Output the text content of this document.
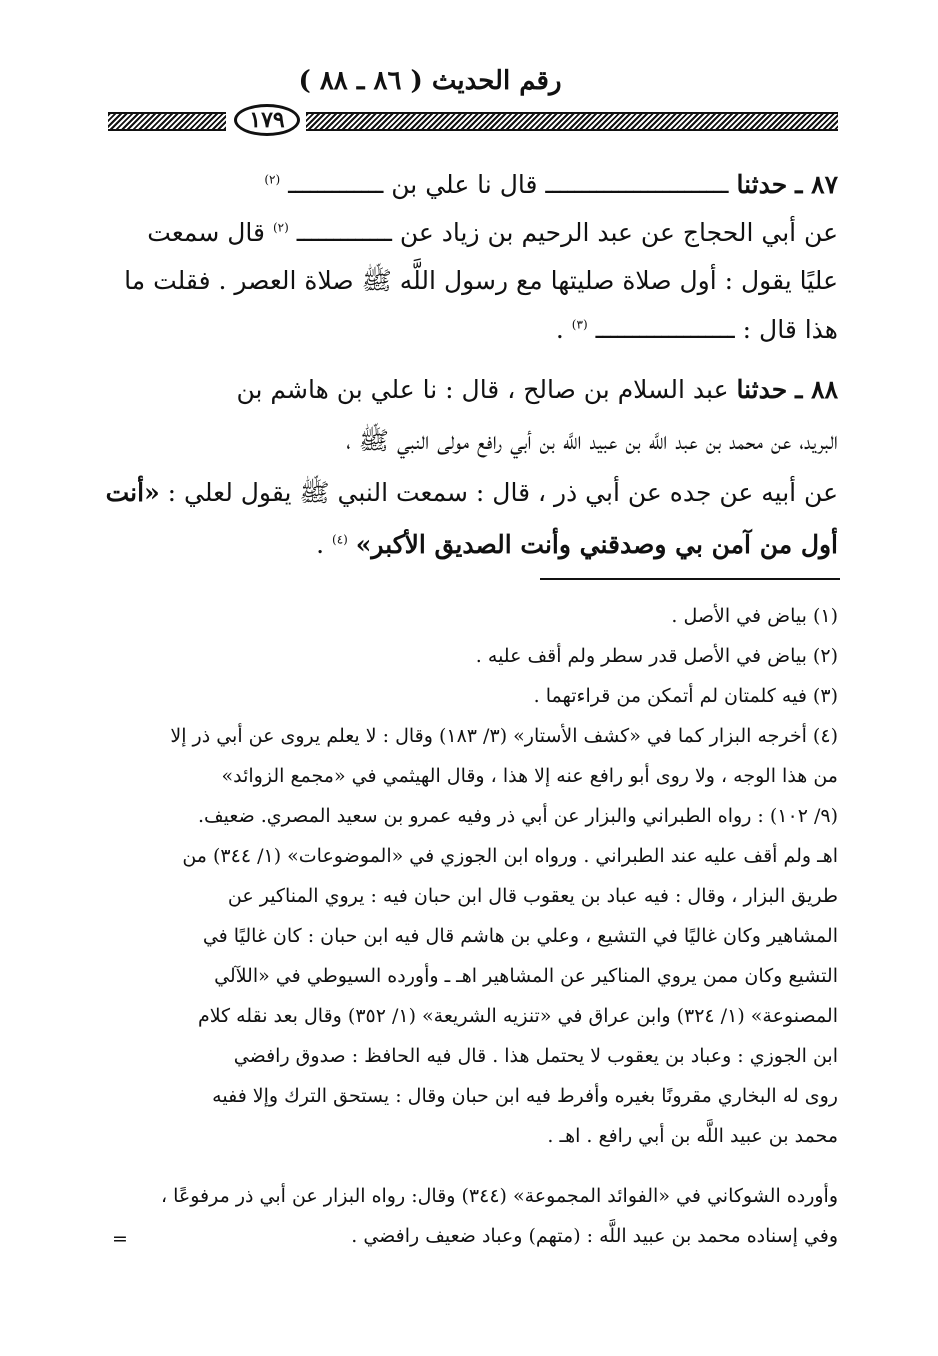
رقم الحديث ( ٨٦ ـ ٨٨ )
١٧٩
٨٧ ـ حدثنا ـــــــــــــــــــــــــ قال نا علي بن ـــــــــــــ $^{(٢)}$
عن أبي الحجاج عن عبد الرحيم بن زياد عن ـــــــــــــ $^{(٢)}$ قال سمعت
عليًا يقول : أول صلاة صليتها مع رسول اللَّه ﷺ صلاة العصر . فقلت ما
هذا قال : ـــــــــــــــــــ $^{(٣)}$ .
٨٨ ـ حدثنا عبد السلام بن صالح ، قال : نا علي بن هاشم بن
البريد، عن محمد بن عبد اللَّه بن عبيد اللَّه بن أبي رافع مولى النبي ﷺ ،
عن أبيه عن جده عن أبي ذر ، قال : سمعت النبي ﷺ يقول لعلي : «أنت
أول من آمن بي وصدقني وأنت الصديق الأكبر» $^{(٤)}$ .
(١) بياض في الأصل .
(٢) بياض في الأصل قدر سطر ولم أقف عليه .
(٣) فيه كلمتان لم أتمكن من قراءتهما .
(٤) أخرجه البزار كما في «كشف الأستار» (٣/ ١٨٣) وقال : لا يعلم يروى عن أبي ذر إلا
من هذا الوجه ، ولا روى أبو رافع عنه إلا هذا ، وقال الهيثمي في «مجمع الزوائد»
(٩/ ١٠٢) : رواه الطبراني والبزار عن أبي ذر وفيه عمرو بن سعيد المصري. ضعيف.
اهـ ولم أقف عليه عند الطبراني . ورواه ابن الجوزي في «الموضوعات» (١/ ٣٤٤) من
طريق البزار ، وقال : فيه عباد بن يعقوب قال ابن حبان فيه : يروي المناكير عن
المشاهير وكان غاليًا في التشيع ، وعلي بن هاشم قال فيه ابن حبان : كان غاليًا في
التشيع وكان ممن يروي المناكير عن المشاهير اهـ ـ وأورده السيوطي في «اللآلي
المصنوعة» (١/ ٣٢٤) وابن عراق في «تنزيه الشريعة» (١/ ٣٥٢) وقال بعد نقله كلام
ابن الجوزي : وعباد بن يعقوب لا يحتمل هذا . قال فيه الحافظ : صدوق رافضي
روى له البخاري مقرونًا بغيره وأفرط فيه ابن حبان وقال : يستحق الترك وإلا ففيه
محمد بن عبيد اللَّه بن أبي رافع . اهـ .
وأورده الشوكاني في «الفوائد المجموعة» (٣٤٤) وقال: رواه البزار عن أبي ذر مرفوعًا ،
وفي إسناده محمد بن عبيد اللَّه : (متهم) وعباد ضعيف رافضي .
=
